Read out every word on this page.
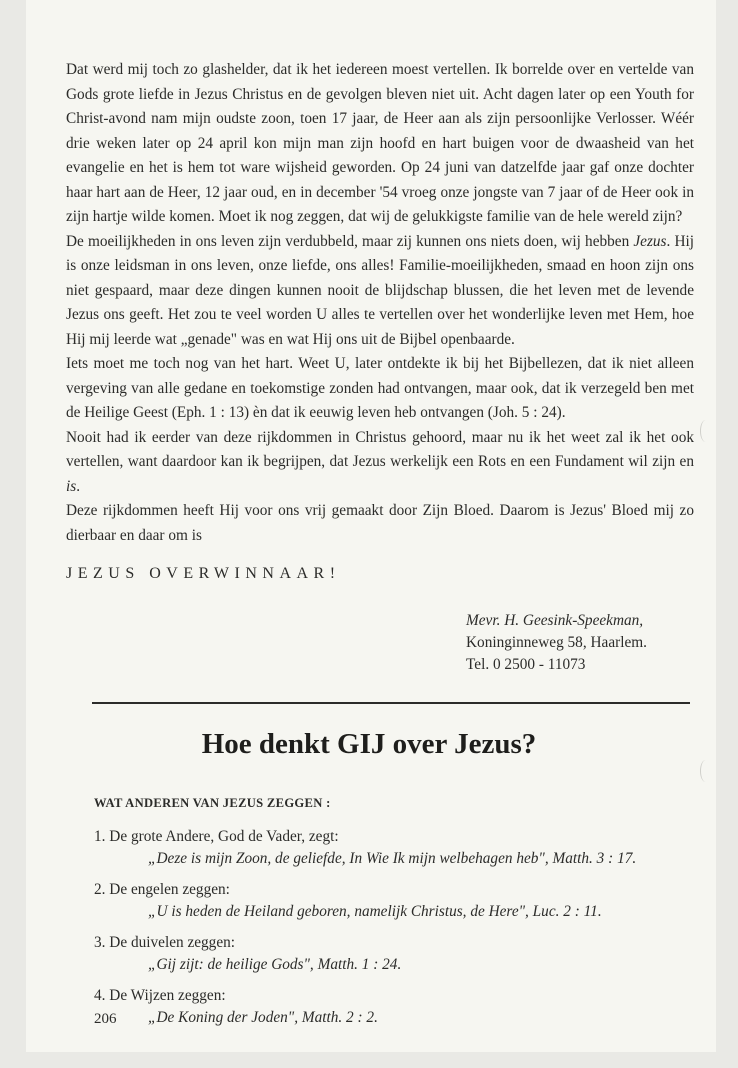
Dat werd mij toch zo glashelder, dat ik het iedereen moest vertellen. Ik borrelde over en vertelde van Gods grote liefde in Jezus Christus en de gevolgen bleven niet uit. Acht dagen later op een Youth for Christ-avond nam mijn oudste zoon, toen 17 jaar, de Heer aan als zijn persoonlijke Verlosser. Wéér drie weken later op 24 april kon mijn man zijn hoofd en hart buigen voor de dwaasheid van het evangelie en het is hem tot ware wijsheid geworden. Op 24 juni van datzelfde jaar gaf onze dochter haar hart aan de Heer, 12 jaar oud, en in december '54 vroeg onze jongste van 7 jaar of de Heer ook in zijn hartje wilde komen. Moet ik nog zeggen, dat wij de gelukkigste familie van de hele wereld zijn?

De moeilijkheden in ons leven zijn verdubbeld, maar zij kunnen ons niets doen, wij hebben Jezus. Hij is onze leidsman in ons leven, onze liefde, ons alles! Familie-moeilijkheden, smaad en hoon zijn ons niet gespaard, maar deze dingen kunnen nooit de blijdschap blussen, die het leven met de levende Jezus ons geeft. Het zou te veel worden U alles te vertellen over het wonderlijke leven met Hem, hoe Hij mij leerde wat „genade" was en wat Hij ons uit de Bijbel openbaarde.

Iets moet me toch nog van het hart. Weet U, later ontdekte ik bij het Bijbellezen, dat ik niet alleen vergeving van alle gedane en toekomstige zonden had ontvangen, maar ook, dat ik verzegeld ben met de Heilige Geest (Eph. 1 : 13) èn dat ik eeuwig leven heb ontvangen (Joh. 5 : 24).

Nooit had ik eerder van deze rijkdommen in Christus gehoord, maar nu ik het weet zal ik het ook vertellen, want daardoor kan ik begrijpen, dat Jezus werkelijk een Rots en een Fundament wil zijn en is.

Deze rijkdommen heeft Hij voor ons vrij gemaakt door Zijn Bloed. Daarom is Jezus' Bloed mij zo dierbaar en daar om is

JEZUS OVERWINNAAR!

Mevr. H. Geesink-Speekman,
Koninginneweg 58, Haarlem.
Tel. 0 2500 - 11073
Hoe denkt GIJ over Jezus?
WAT ANDEREN VAN JEZUS ZEGGEN :
1. De grote Andere, God de Vader, zegt:
„Deze is mijn Zoon, de geliefde, In Wie Ik mijn welbehagen heb", Matth. 3 : 17.
2. De engelen zeggen:
„U is heden de Heiland geboren, namelijk Christus, de Here", Luc. 2 : 11.
3. De duivelen zeggen:
„Gij zijt: de heilige Gods", Matth. 1 : 24.
4. De Wijzen zeggen:
„De Koning der Joden", Matth. 2 : 2.
206
